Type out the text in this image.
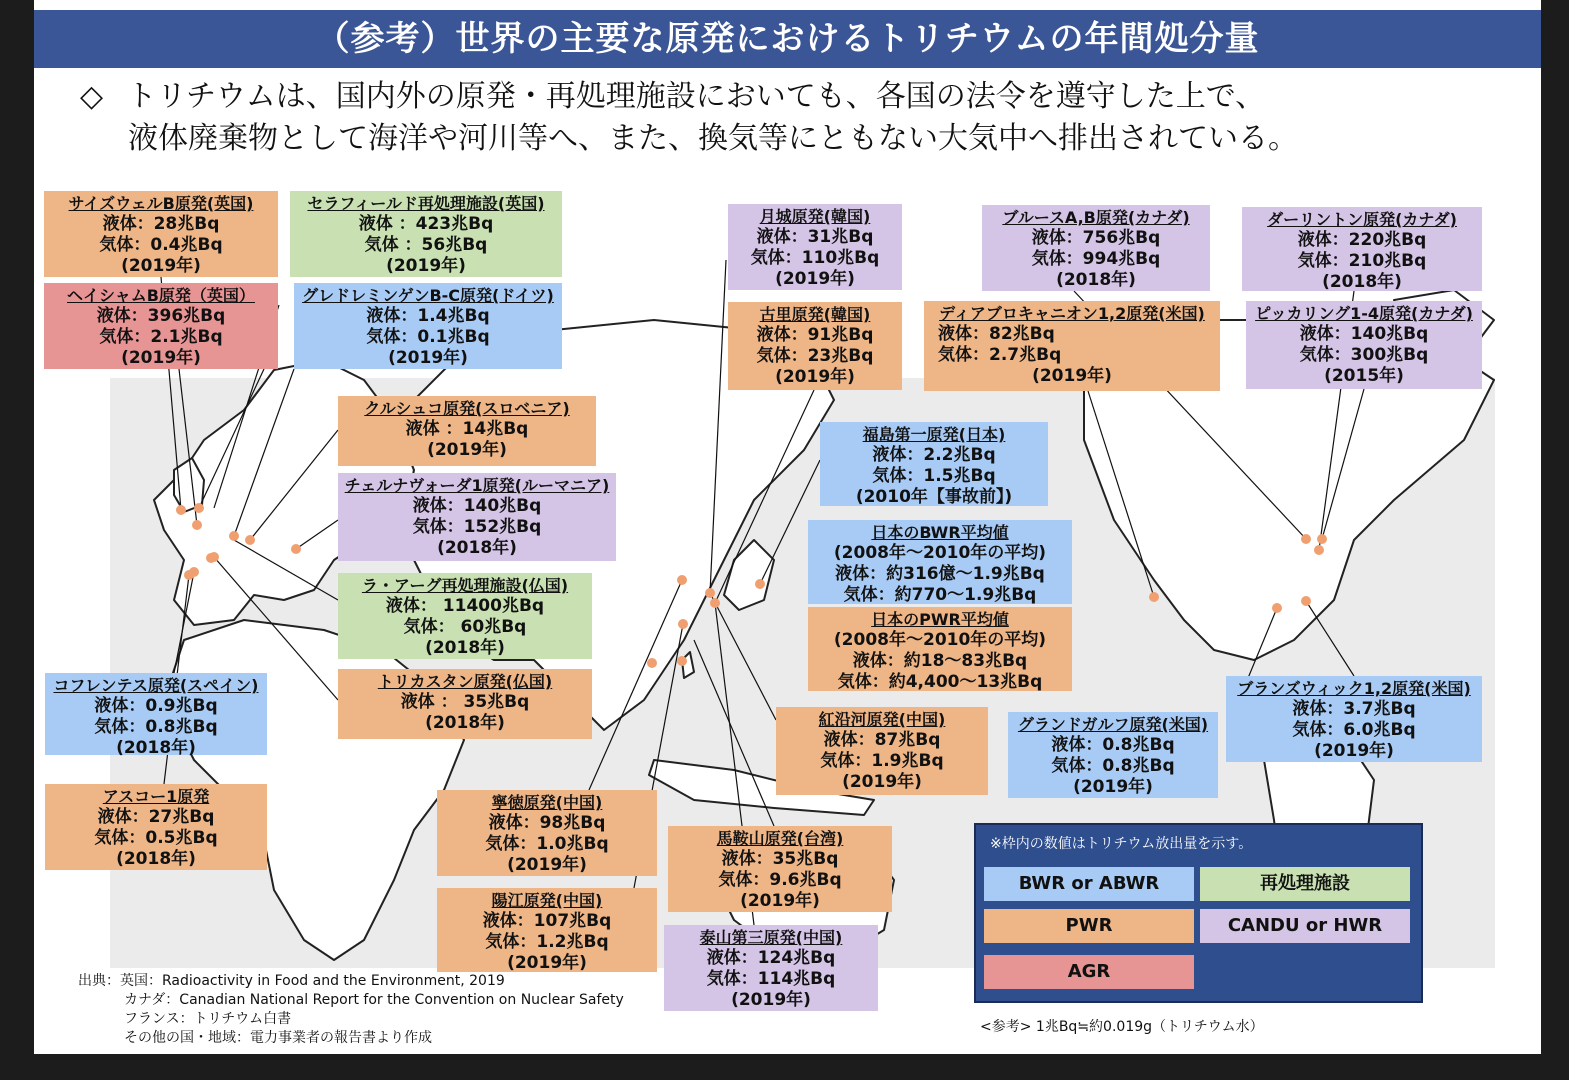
（参考）世界の主要な原発におけるトリチウムの年間処分量
◇ トリチウムは、国内外の原発・再処理施設においても、各国の法令を遵守した上で、
液体廃棄物として海洋や河川等へ、また、換気等にともない大気中へ排出されている。
サイズウェルB原発(英国)
液体：28兆Bq
気体：0.4兆Bq
(2019年)
セラフィールド再処理施設(英国)
液体 ：423兆Bq
気体 ：56兆Bq
(2019年)
ヘイシャムB原発（英国）
液体：396兆Bq
気体：2.1兆Bq
(2019年)
グレドレミンゲンB-C原発(ドイツ)
液体：1.4兆Bq
気体：0.1兆Bq
(2019年)
クルシュコ原発(スロベニア)
液体 ：14兆Bq
(2019年)
チェルナヴォーダ1原発(ルーマニア)
液体：140兆Bq
気体：152兆Bq
(2018年)
ラ・アーグ再処理施設(仏国)
液体： 11400兆Bq
気体： 60兆Bq
(2018年)
トリカスタン原発(仏国)
液体 ： 35兆Bq
(2018年)
コフレンテス原発(スペイン)
液体：0.9兆Bq
気体：0.8兆Bq
(2018年)
アスコー1原発
液体：27兆Bq
気体：0.5兆Bq
(2018年)
寧徳原発(中国)
液体：98兆Bq
気体：1.0兆Bq
(2019年)
陽江原発(中国)
液体：107兆Bq
気体：1.2兆Bq
(2019年)
馬鞍山原発(台湾)
液体：35兆Bq
気体：9.6兆Bq
(2019年)
泰山第三原発(中国)
液体：124兆Bq
気体：114兆Bq
(2019年)
紅沿河原発(中国)
液体：87兆Bq
気体：1.9兆Bq
(2019年)
月城原発(韓国)
液体：31兆Bq
気体：110兆Bq
(2019年)
古里原発(韓国)
液体：91兆Bq
気体：23兆Bq
(2019年)
福島第一原発(日本)
液体：2.2兆Bq
気体：1.5兆Bq
(2010年【事故前】)
日本のBWR平均値
(2008年～2010年の平均)
液体：約316億～1.9兆Bq
気体：約770～1.9兆Bq
日本のPWR平均値
(2008年～2010年の平均)
液体：約18～83兆Bq
気体：約4,400～13兆Bq
ブルースA,B原発(カナダ)
液体：756兆Bq
気体：994兆Bq
(2018年)
ダーリントン原発(カナダ)
液体：220兆Bq
気体：210兆Bq
(2018年)
ディアブロキャニオン1,2原発(米国)
液体：82兆Bq
気体：2.7兆Bq
(2019年)
ピッカリング1-4原発(カナダ)
液体：140兆Bq
気体：300兆Bq
(2015年)
グランドガルフ原発(米国)
液体：0.8兆Bq
気体：0.8兆Bq
(2019年)
ブランズウィック1,2原発(米国)
液体：3.7兆Bq
気体：6.0兆Bq
(2019年)
※枠内の数値はトリチウム放出量を示す。
BWR or ABWR	再処理施設
PWR	CANDU or HWR
AGR
出典：英国：Radioactivity in Food and the Environment, 2019
カナダ：Canadian National Report for the Convention on Nuclear Safety
フランス：トリチウム白書
その他の国・地域：電力事業者の報告書より作成
<参考> 1兆Bq≒約0.019g（トリチウム水）
